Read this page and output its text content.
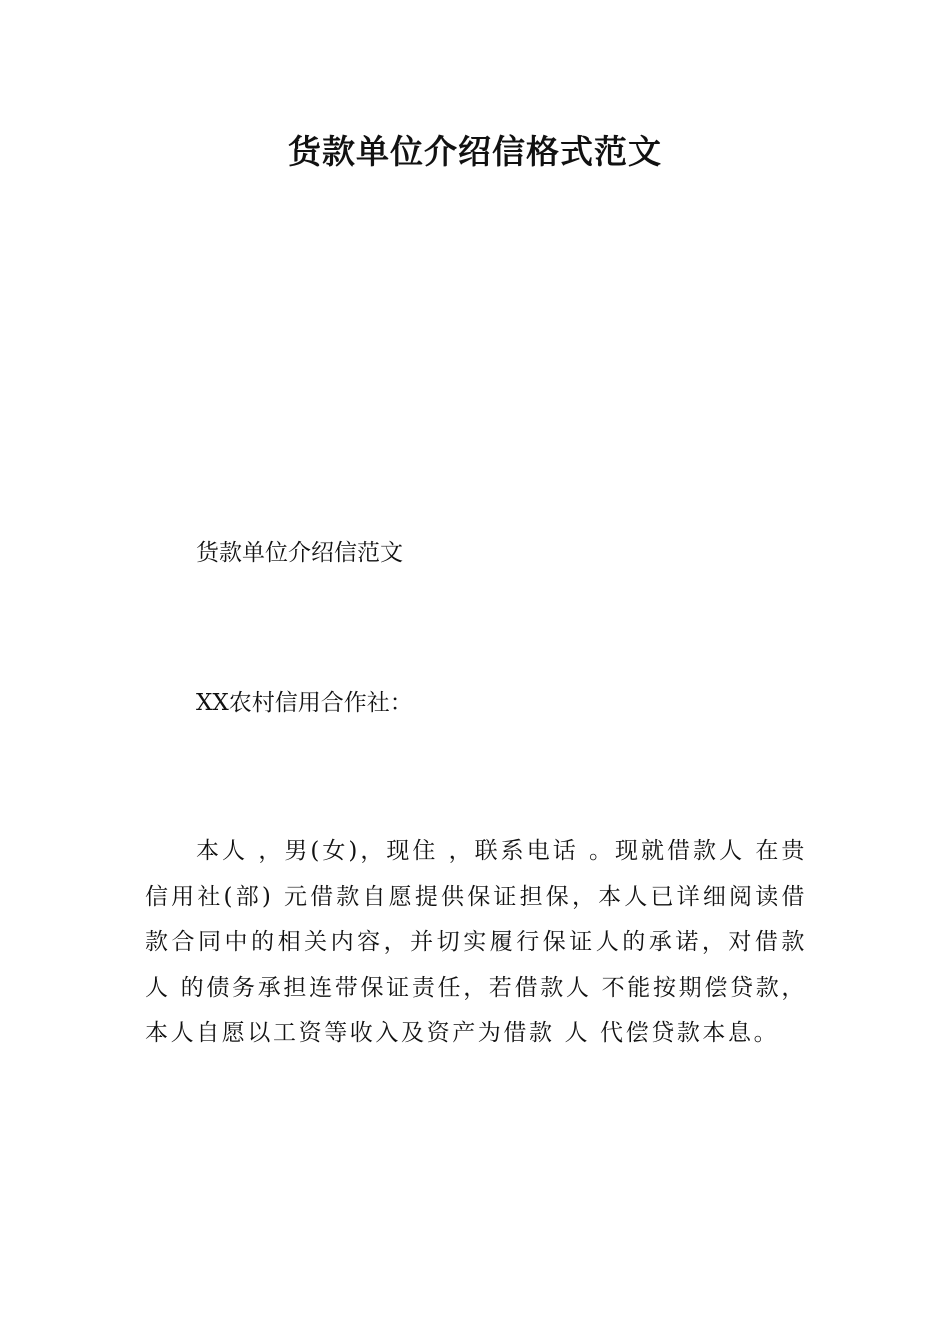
货款单位介绍信格式范文

货款单位介绍信范文

XX农村信用合作社：

本人 ，男(女)，现住 ，联系电话 。现就借款人 在贵信用社(部) 元借款自愿提供保证担保，本人已详细阅读借款合同中的相关内容，并切实履行保证人的承诺，对借款人 的债务承担连带保证责任，若借款人 不能按期偿贷款，本人自愿以工资等收入及资产为借款 人 代偿贷款本息。
